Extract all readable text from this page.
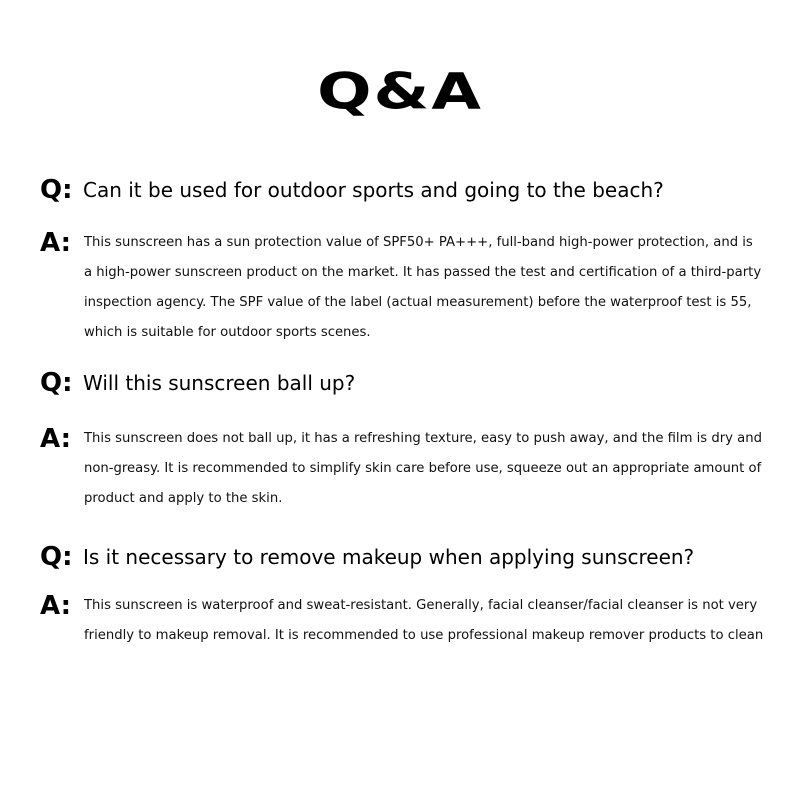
Q&A
Q: Can it be used for outdoor sports and going to the beach?
A: This sunscreen has a sun protection value of SPF50+ PA+++, full-band high-power protection, and is a high-power sunscreen product on the market. It has passed the test and certification of a third-party inspection agency. The SPF value of the label (actual measurement) before the waterproof test is 55, which is suitable for outdoor sports scenes.
Q: Will this sunscreen ball up?
A: This sunscreen does not ball up, it has a refreshing texture, easy to push away, and the film is dry and non-greasy. It is recommended to simplify skin care before use, squeeze out an appropriate amount of product and apply to the skin.
Q: Is it necessary to remove makeup when applying sunscreen?
A: This sunscreen is waterproof and sweat-resistant. Generally, facial cleanser/facial cleanser is not very friendly to makeup removal. It is recommended to use professional makeup remover products to clean
